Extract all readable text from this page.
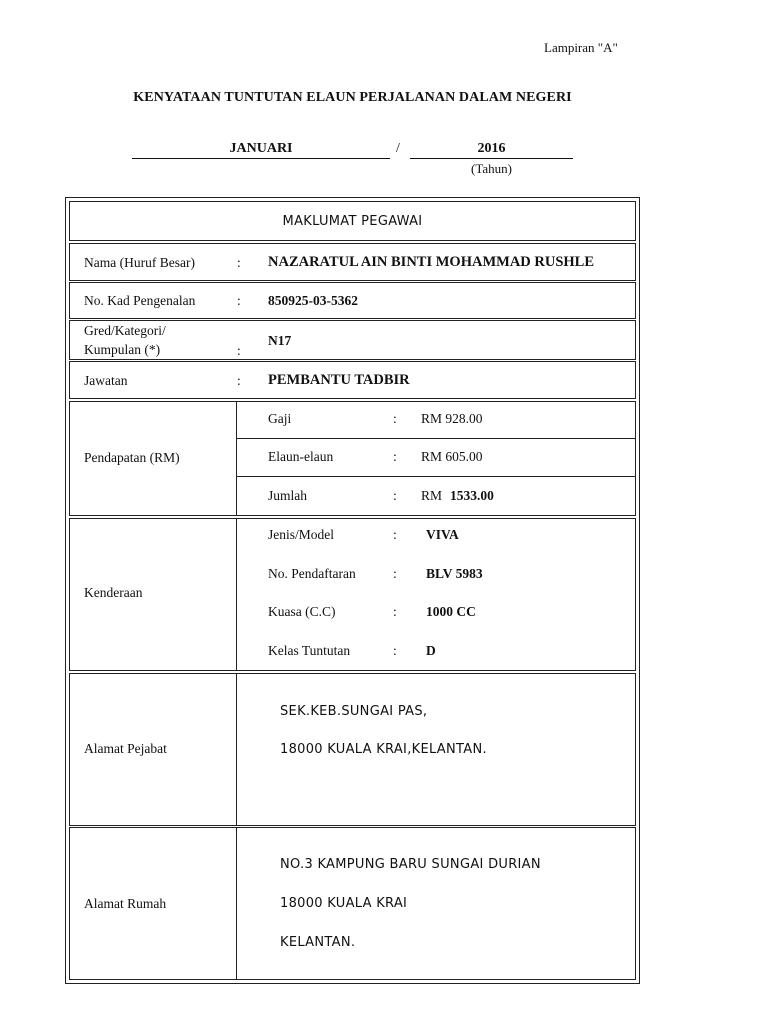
Lampiran "A"
KENYATAAN TUNTUTAN ELAUN PERJALANAN DALAM NEGERI
JANUARI	/	2016
(Tahun)
MAKLUMAT PEGAWAI
Nama (Huruf Besar)	: NAZARATUL AIN BINTI MOHAMMAD RUSHLE
No. Kad Pengenalan	: 850925-03-5362
Gred/Kategori/
Kumpulan (*)	:
N17
Jawatan	: PEMBANTU TADBIR
Pendapatan (RM)
Gaji	: RM 928.00
Elaun-elaun	: RM 605.00
Jumlah	: RM 1533.00
Kenderaan
Jenis/Model	: VIVA
No. Pendaftaran	: BLV 5983
Kuasa (C.C)	: 1000 CC
Kelas Tuntutan	: D
Alamat Pejabat
SEK.KEB.SUNGAI PAS,
18000 KUALA KRAI,KELANTAN.
Alamat Rumah
NO.3 KAMPUNG BARU SUNGAI DURIAN
18000 KUALA KRAI
KELANTAN.
